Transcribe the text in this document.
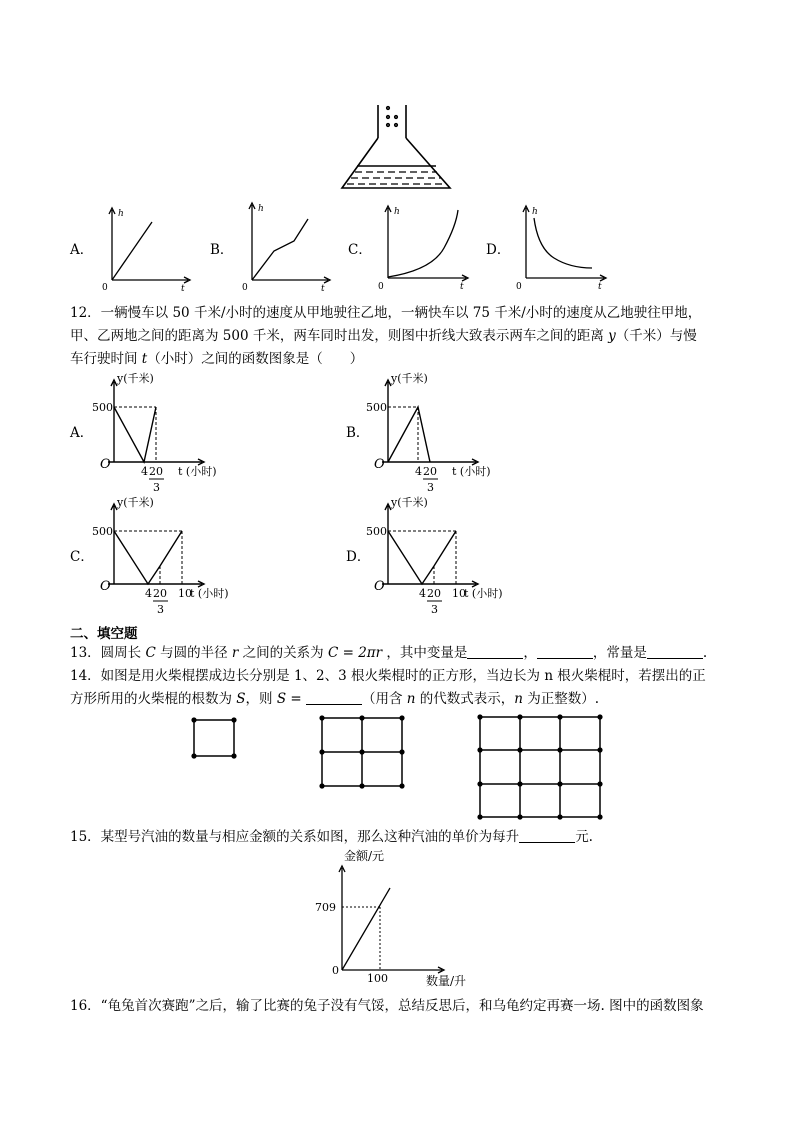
A．
h
t
0
B．
h
t
0
C．
h
t
0
D．
h
t
0
12．一辆慢车以 50 千米/小时的速度从甲地驶往乙地，一辆快车以 75 千米/小时的速度从乙地驶往甲地，
甲、乙两地之间的距离为 500 千米，两车同时出发，则图中折线大致表示两车之间的距离 y（千米）与慢
车行驶时间 t（小时）之间的函数图象是（　　）
A．
y(千米)
500
O	4 20
3
t (小时)
B．
y(千米)
500
O	4 20
3
t (小时)
C．
y(千米)
500
O	4 20
3
10
t (小时)
D．
y(千米)
500
O	4 20
3
10
t (小时)
二、填空题
13．圆周长 C 与圆的半径 r 之间的关系为 C = 2πr ，其中变量是	，	，常量是	.
14．如图是用火柴棍摆成边长分别是 1、2、3 根火柴棍时的正方形，当边长为 n 根火柴棍时，若摆出的正
方形所用的火柴棍的根数为 S，则 S =	（用含 n 的代数式表示，n 为正整数）.
15．某型号汽油的数量与相应金额的关系如图，那么这种汽油的单价为每升	元.
金额/元
数量/升
709
100
0
16．“龟兔首次赛跑”之后，输了比赛的兔子没有气馁，总结反思后，和乌龟约定再赛一场. 图中的函数图象
